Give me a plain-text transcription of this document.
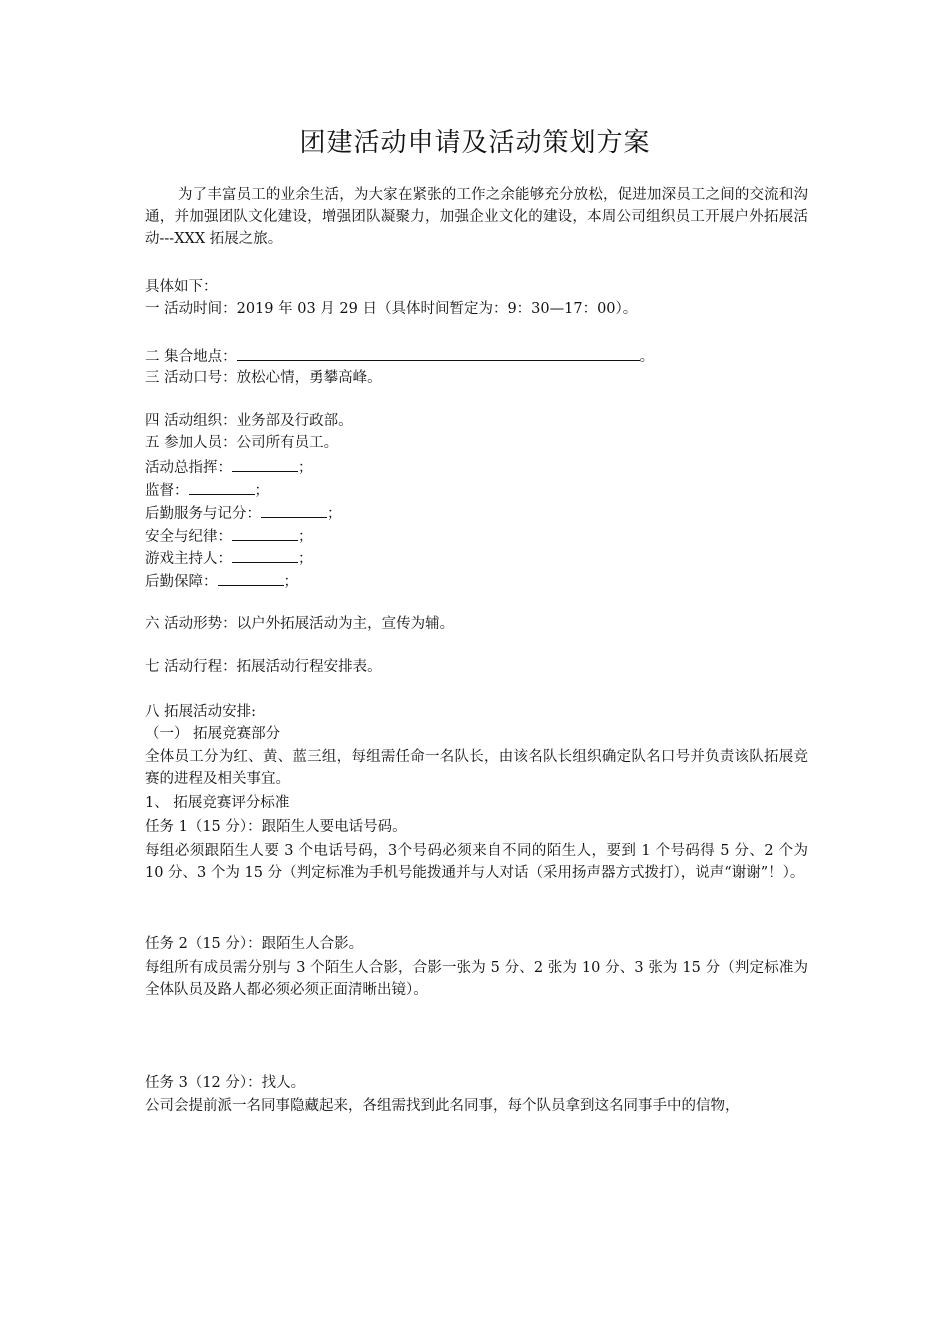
团建活动申请及活动策划方案
为了丰富员工的业余生活，为大家在紧张的工作之余能够充分放松，促进加深员工之间的交流和沟通，并加强团队文化建设，增强团队凝聚力，加强企业文化的建设，本周公司组织员工开展户外拓展活动---XXX 拓展之旅。
具体如下：
一 活动时间：2019 年 03 月 29 日（具体时间暂定为：9：30—17：00）。
二 集合地点：	。
三 活动口号：放松心情，勇攀高峰。
四 活动组织：业务部及行政部。
五 参加人员：公司所有员工。
活动总指挥：	；
监督：	；
后勤服务与记分：	；
安全与纪律：	；
游戏主持人：	；
后勤保障：	；
六 活动形势：以户外拓展活动为主，宣传为辅。
七 活动行程：拓展活动行程安排表。
八 拓展活动安排:
（一） 拓展竞赛部分
全体员工分为红、黄、蓝三组，每组需任命一名队长，由该名队长组织确定队名口号并负责该队拓展竞赛的进程及相关事宜。
1、 拓展竞赛评分标准
任务 1（15 分）：跟陌生人要电话号码。
每组必须跟陌生人要 3 个电话号码，3个号码必须来自不同的陌生人，要到 1 个号码得 5 分、2 个为 10 分、3 个为 15 分（判定标准为手机号能拨通并与人对话（采用扬声器方式拨打），说声“谢谢”！）。
任务 2（15 分）：跟陌生人合影。
每组所有成员需分别与 3 个陌生人合影，合影一张为 5 分、2 张为 10 分、3 张为 15 分（判定标准为全体队员及路人都必须必须正面清晰出镜）。
任务 3（12 分）：找人。
公司会提前派一名同事隐藏起来，各组需找到此名同事，每个队员拿到这名同事手中的信物，
